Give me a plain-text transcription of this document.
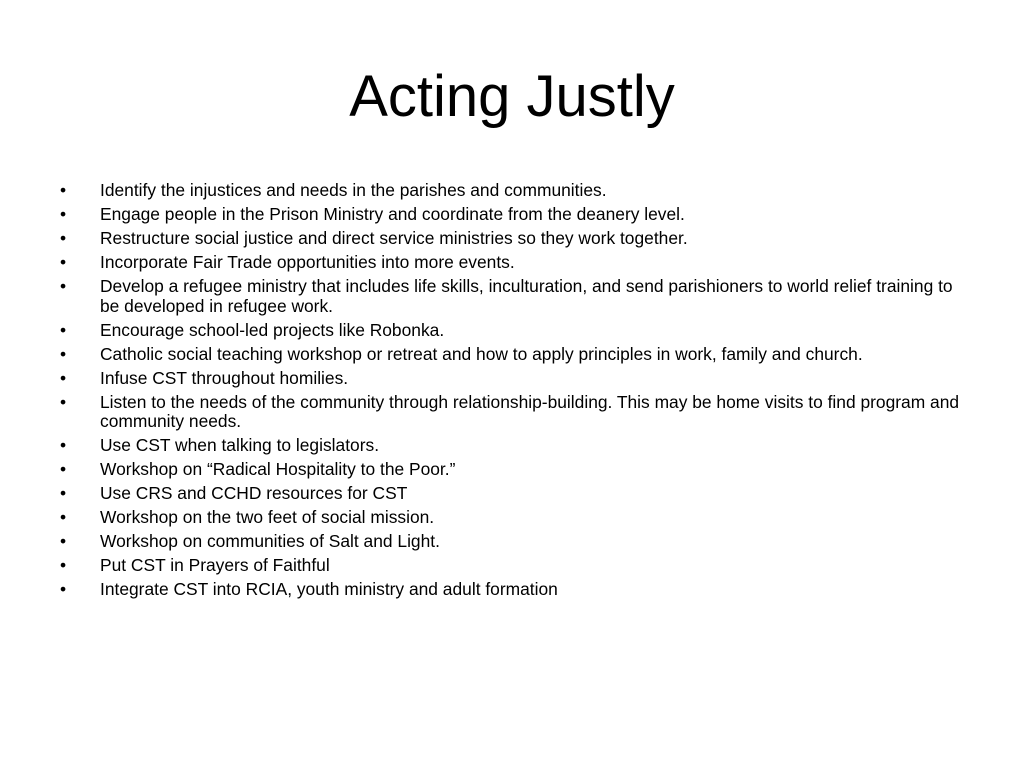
Acting Justly
• Identify the injustices and needs in the parishes and communities.
• Engage people in the Prison Ministry and coordinate from the deanery level.
• Restructure social justice and direct service ministries so they work together.
• Incorporate Fair Trade opportunities into more events.
• Develop a refugee ministry that includes life skills, inculturation, and send parishioners to world relief training to be developed in refugee work.
• Encourage school-led projects like Robonka.
• Catholic social teaching workshop or retreat and how to apply principles in work, family and church.
• Infuse CST throughout homilies.
• Listen to the needs of the community through relationship-building. This may be home visits to find program and community needs.
• Use CST when talking to legislators.
• Workshop on “Radical Hospitality to the Poor.”
• Use CRS and CCHD resources for CST
• Workshop on the two feet of social mission.
• Workshop on communities of Salt and Light.
• Put CST in Prayers of Faithful
• Integrate CST into RCIA, youth ministry and adult formation
